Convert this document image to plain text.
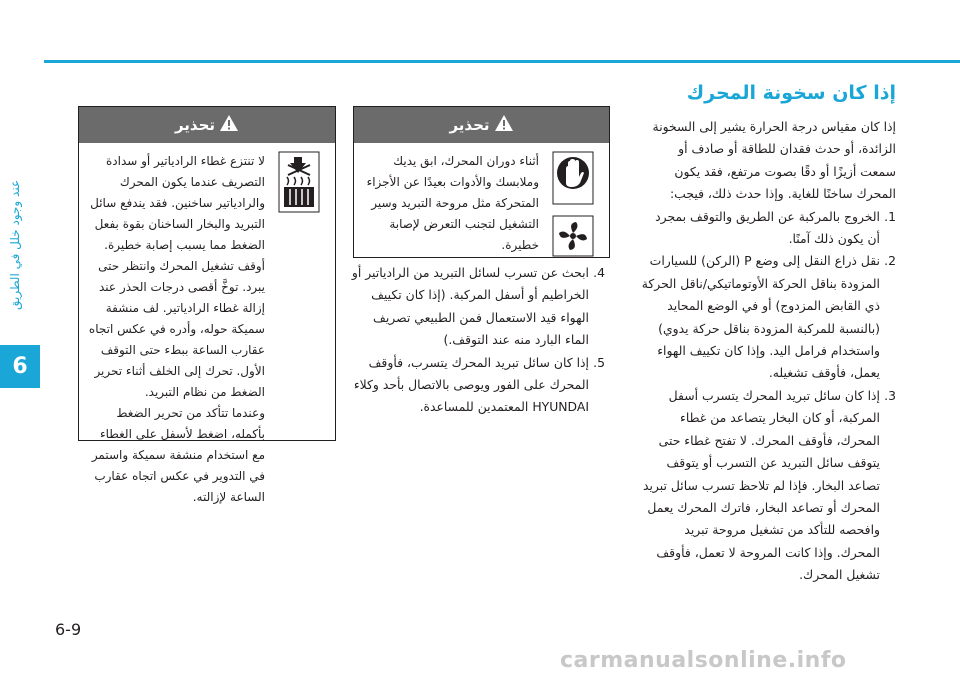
عند وجود خلل في الطريق
6
إذا كان سخونة المحرك

إذا كان مقياس درجة الحرارة يشير إلى السخونة الزائدة، أو حدث فقدان للطاقة أو صادف أو سمعت أزيزًا أو دقًا بصوت مرتفع، فقد يكون المحرك ساخنًا للغاية. وإذا حدث ذلك، فيجب:

1.
الخروج بالمركبة عن الطريق والتوقف بمجرد أن يكون ذلك آمنًا.
2.
نقل ذراع النقل إلى وضع P (الركن) للسيارات المزودة بناقل الحركة الأوتوماتيكي/ناقل الحركة ذي القابض المزدوج) أو في الوضع المحايد (بالنسبة للمركبة المزودة بناقل حركة يدوي) واستخدام فرامل اليد. وإذا كان تكييف الهواء يعمل، فأوقف تشغيله.
3.
إذا كان سائل تبريد المحرك يتسرب أسفل المركبة، أو كان البخار يتصاعد من غطاء المحرك، فأوقف المحرك. لا تفتح غطاء حتى يتوقف سائل التبريد عن التسرب أو يتوقف تصاعد البخار. فإذا لم تلاحظ تسرب سائل تبريد المحرك أو تصاعد البخار، فاترك المحرك يعمل وافحصه للتأكد من تشغيل مروحة تبريد المحرك. وإذا كانت المروحة لا تعمل، فأوقف تشغيل المحرك.
تحذير

أثناء دوران المحرك، ابق يديك وملابسك والأدوات بعيدًا عن الأجزاء المتحركة مثل مروحة التبريد وسير التشغيل لتجنب التعرض لإصابة خطيرة.

4.
ابحث عن تسرب لسائل التبريد من الرادياتير أو الخراطيم أو أسفل المركبة. (إذا كان تكييف الهواء قيد الاستعمال فمن الطبيعي تصريف الماء البارد منه عند التوقف.)
5.
إذا كان سائل تبريد المحرك يتسرب، فأوقف المحرك على الفور ويوصى بالاتصال بأحد وكلاء HYUNDAI المعتمدين للمساعدة.
تحذير

لا تنتزع غطاء الرادياتير أو سدادة التصريف عندما يكون المحرك والرادياتير ساخنين. فقد يندفع سائل التبريد والبخار الساخنان بقوة بفعل الضغط مما يسبب إصابة خطيرة.

أوقف تشغيل المحرك وانتظر حتى يبرد. توخَّ أقصى درجات الحذر عند إزالة غطاء الرادياتير. لف منشفة سميكة حوله، وأدره في عكس اتجاه عقارب الساعة ببطء حتى التوقف الأول. تحرك إلى الخلف أثناء تحرير الضغط من نظام التبريد.

وعندما تتأكد من تحرير الضغط بأكمله، اضغط لأسفل على الغطاء مع استخدام منشفة سميكة واستمر في التدوير في عكس اتجاه عقارب الساعة لإزالته.

6-9
carmanualsonline.info
